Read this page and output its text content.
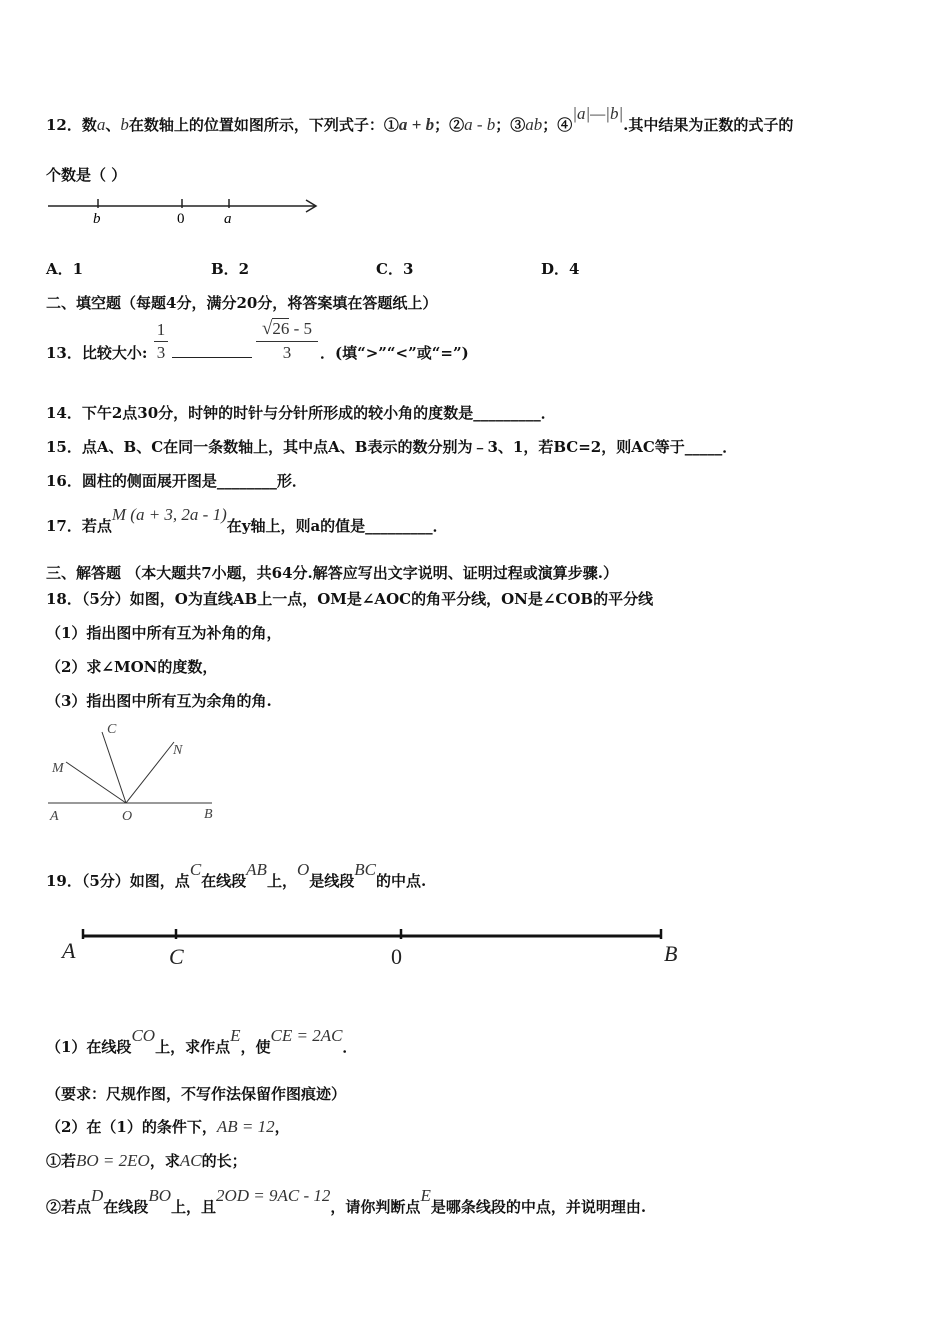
12．数a、b在数轴上的位置如图所示，下列式子：①a + b；②a - b；③ab；④|a|—|b|.其中结果为正数的式子的
个数是（ ）
b	0	a
A．1	B．2	C．3	D．4
二、填空题（每题4分，满分20分，将答案填在答题纸上）
13．比较大小:
1
3
√26 - 5
3	．(填“>”“<”或“=”)
14．下午2点30分，时钟的时针与分针所形成的较小角的度数是_________．
15．点A、B、C在同一条数轴上，其中点A、B表示的数分别为﹣3、1，若BC=2，则AC等于_____．
16．圆柱的侧面展开图是________形．
17．若点M (a + 3, 2a - 1)在y轴上，则a的值是_________．
三、解答题 （本大题共7小题，共64分.解答应写出文字说明、证明过程或演算步骤.）
18．（5分）如图，O为直线AB上一点，OM是∠AOC的角平分线，ON是∠COB的平分线
（1）指出图中所有互为补角的角，
（2）求∠MON的度数，
（3）指出图中所有互为余角的角.
C
N
M
A	O	B
19．（5分）如图，点C在线段AB上，O是线段BC的中点.
A	C	0	B
（1）在线段CO上，求作点E，使CE = 2AC．
（要求：尺规作图，不写作法保留作图痕迹）
（2）在（1）的条件下，AB = 12，
①若BO = 2EO，求AC的长；
②若点D在线段BO上，且2OD = 9AC - 12，请你判断点E是哪条线段的中点，并说明理由.
